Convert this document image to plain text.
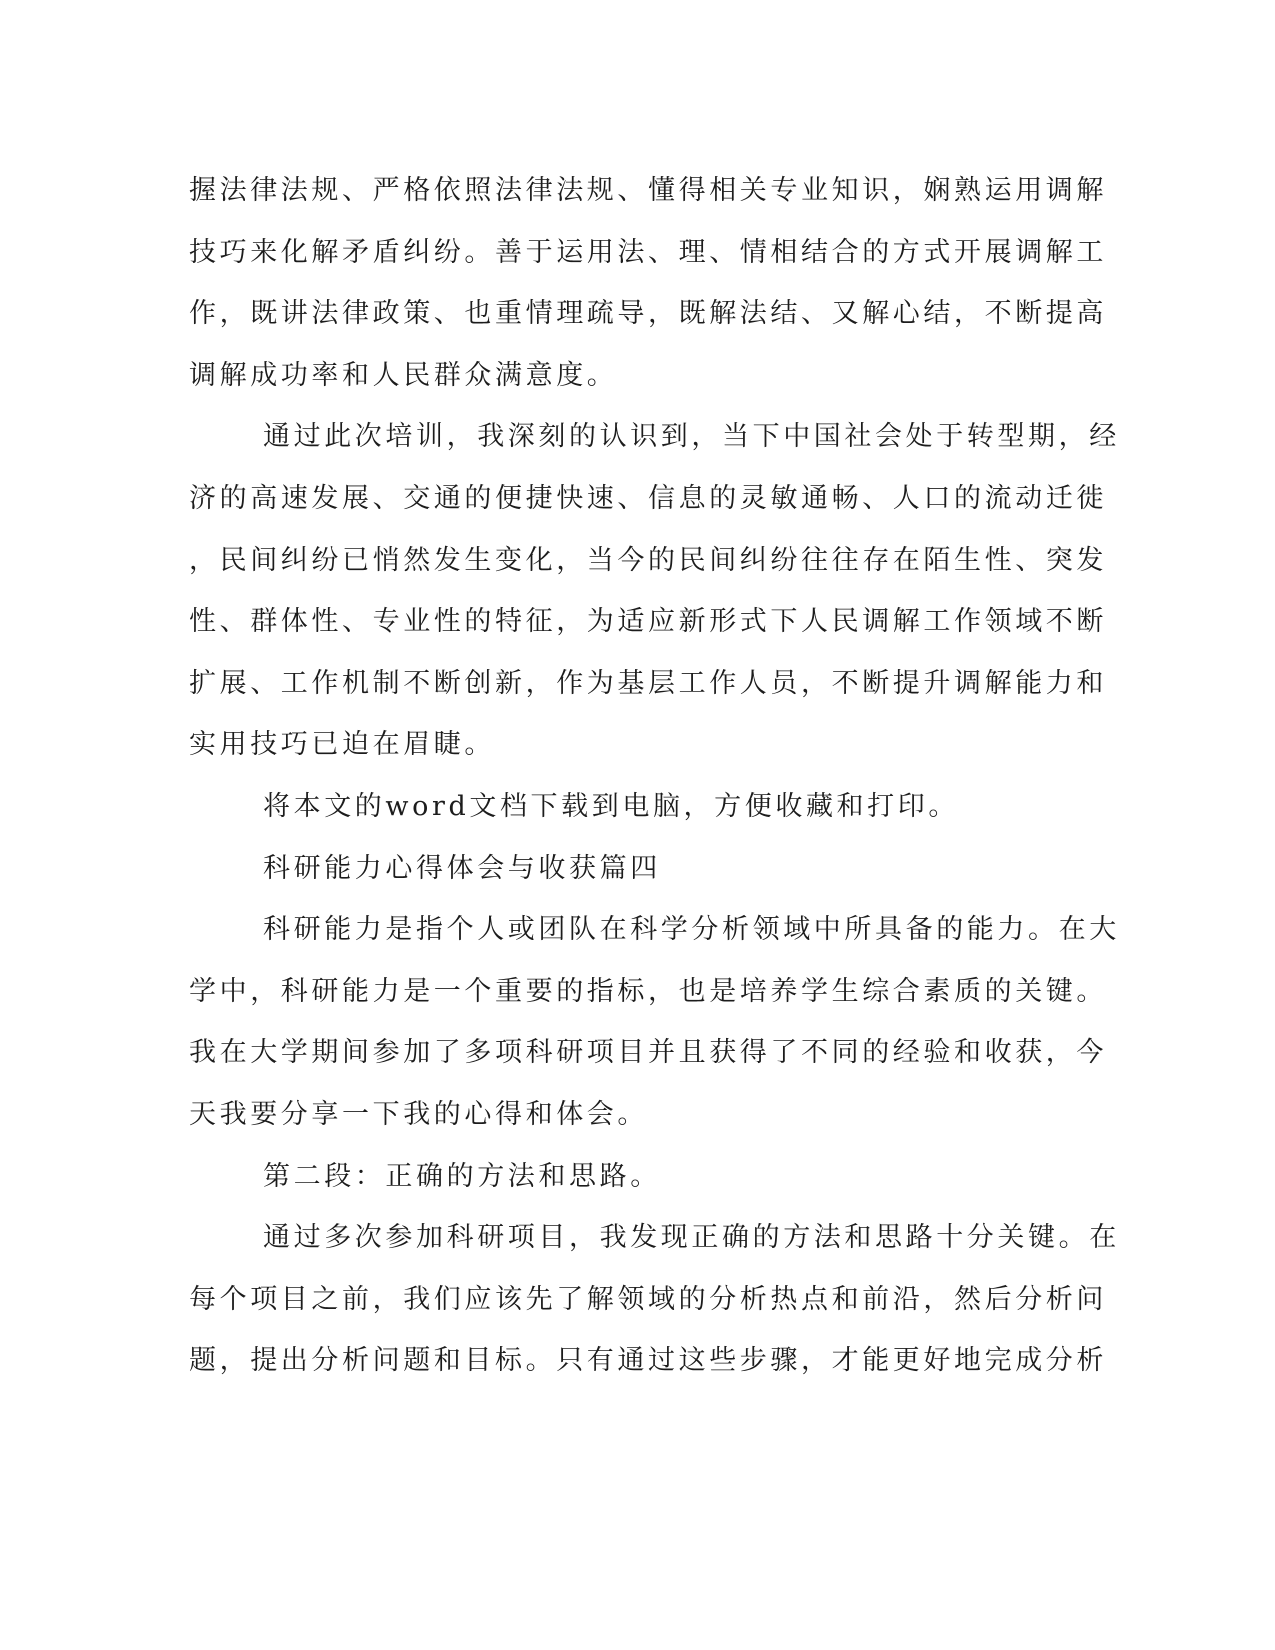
握法律法规、严格依照法律法规、懂得相关专业知识，娴熟运用调解
技巧来化解矛盾纠纷。善于运用法、理、情相结合的方式开展调解工
作，既讲法律政策、也重情理疏导，既解法结、又解心结，不断提高
调解成功率和人民群众满意度。
通过此次培训，我深刻的认识到，当下中国社会处于转型期，经
济的高速发展、交通的便捷快速、信息的灵敏通畅、人口的流动迁徙
，民间纠纷已悄然发生变化，当今的民间纠纷往往存在陌生性、突发
性、群体性、专业性的特征，为适应新形式下人民调解工作领域不断
扩展、工作机制不断创新，作为基层工作人员，不断提升调解能力和
实用技巧已迫在眉睫。
将本文的word文档下载到电脑，方便收藏和打印。
科研能力心得体会与收获篇四
科研能力是指个人或团队在科学分析领域中所具备的能力。在大
学中，科研能力是一个重要的指标，也是培养学生综合素质的关键。
我在大学期间参加了多项科研项目并且获得了不同的经验和收获，今
天我要分享一下我的心得和体会。
第二段：正确的方法和思路。
通过多次参加科研项目，我发现正确的方法和思路十分关键。在
每个项目之前，我们应该先了解领域的分析热点和前沿，然后分析问
题，提出分析问题和目标。只有通过这些步骤，才能更好地完成分析
